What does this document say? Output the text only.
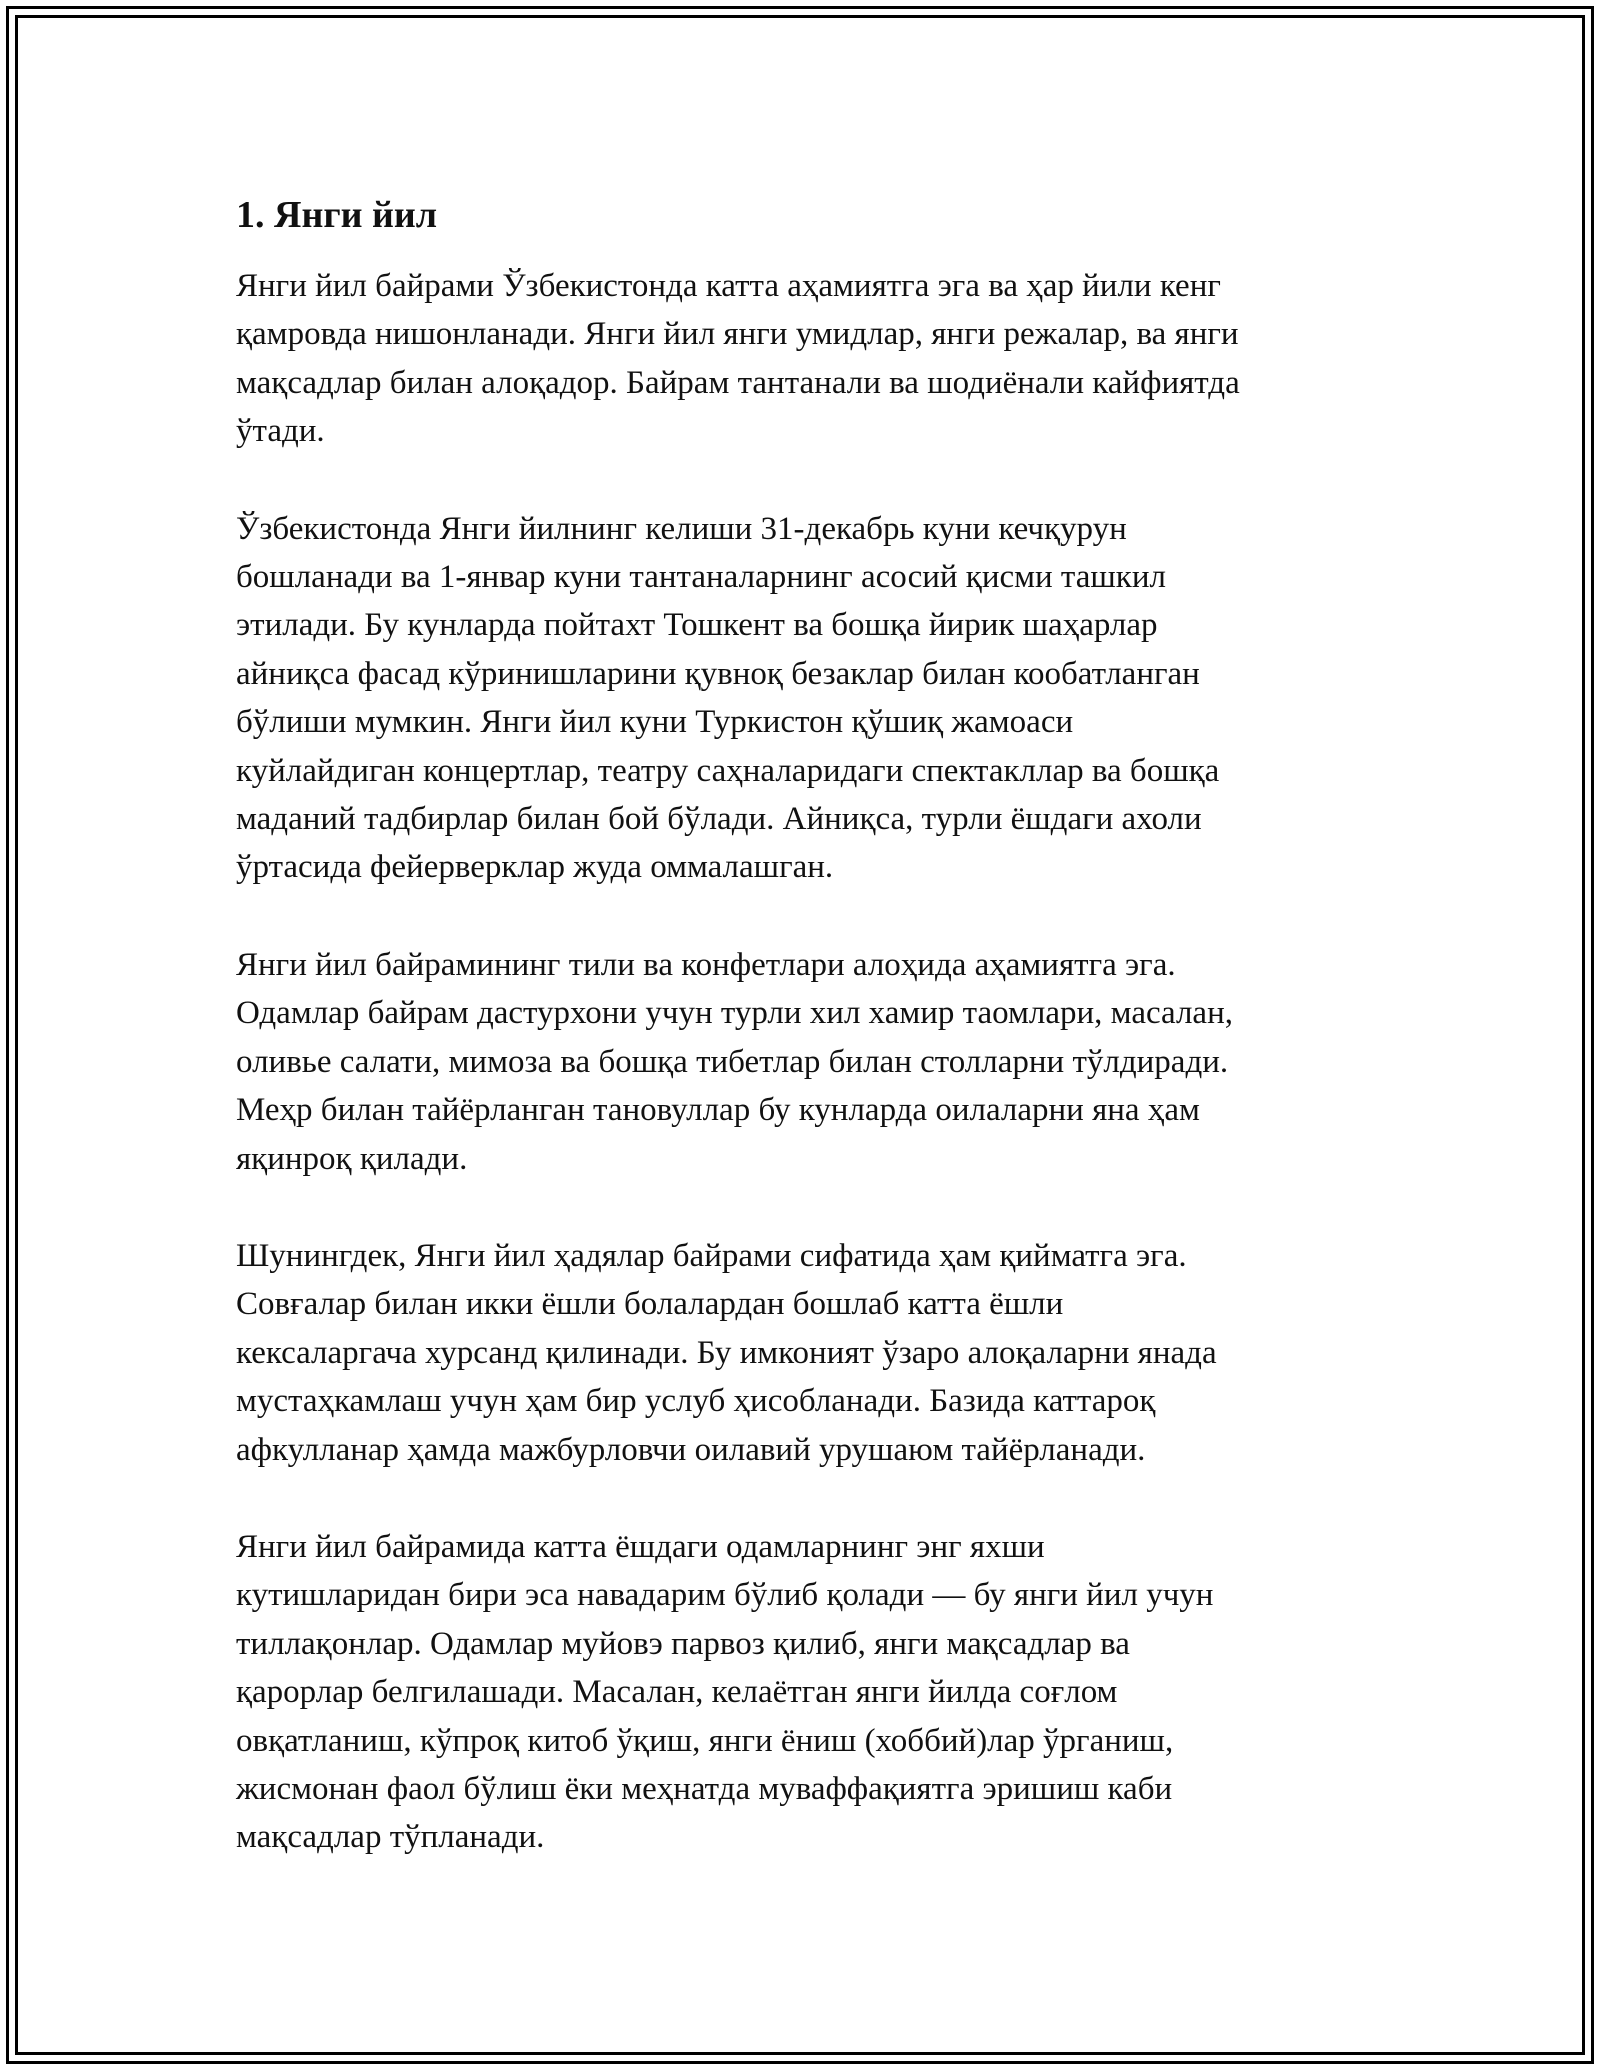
1. Янги йил
Янги йил байрами Ўзбекистонда катта аҳамиятга эга ва ҳар йили кенг
қамровда нишонланади. Янги йил янги умидлар, янги режалар, ва янги
мақсадлар билан алоқадор. Байрам тантанали ва шодиёнали кайфиятда
ўтади.
Ўзбекистонда Янги йилнинг келиши 31-декабрь куни кечқурун
бошланади ва 1-январ куни тантаналарнинг асосий қисми ташкил
этилади. Бу кунларда пойтахт Тошкент ва бошқа йирик шаҳарлар
айниқса фасад кўринишларини қувноқ безаклар билан кообатланган
бўлиши мумкин. Янги йил куни Туркистон қўшиқ жамоаси
куйлайдиган концертлар, театру саҳналаридаги спектакллар ва бошқа
маданий тадбирлар билан бой бўлади. Айниқса, турли ёшдаги ахоли
ўртасида фейерверклар жуда оммалашган.
Янги йил байрамининг тили ва конфетлари алоҳида аҳамиятга эга.
Одамлар байрам дастурхони учун турли хил хамир таомлари, масалан,
оливье салати, мимоза ва бошқа тибетлар билан столларни тўлдиради.
Меҳр билан тайёрланган тановуллар бу кунларда оилаларни яна ҳам
яқинроқ қилади.
Шунингдек, Янги йил ҳадялар байрами сифатида ҳам қийматга эга.
Совғалар билан икки ёшли болалардан бошлаб катта ёшли
кексаларгача хурсанд қилинади. Бу имконият ўзаро алоқаларни янада
мустаҳкамлаш учун ҳам бир услуб ҳисобланади. Базида каттароқ
афкулланар ҳамда мажбурловчи оилавий урушаюм тайёрланади.
Янги йил байрамида катта ёшдаги одамларнинг энг яхши
кутишларидан бири эса навадарим бўлиб қолади — бу янги йил учун
тиллақонлар. Одамлар муйовэ парвоз қилиб, янги мақсадлар ва
қарорлар белгилашади. Масалан, келаётган янги йилда соғлом
овқатланиш, кўпроқ китоб ўқиш, янги ёниш (хоббий)лар ўрганиш,
жисмонан фаол бўлиш ёки меҳнатда муваффақиятга эришиш каби
мақсадлар тўпланади.
